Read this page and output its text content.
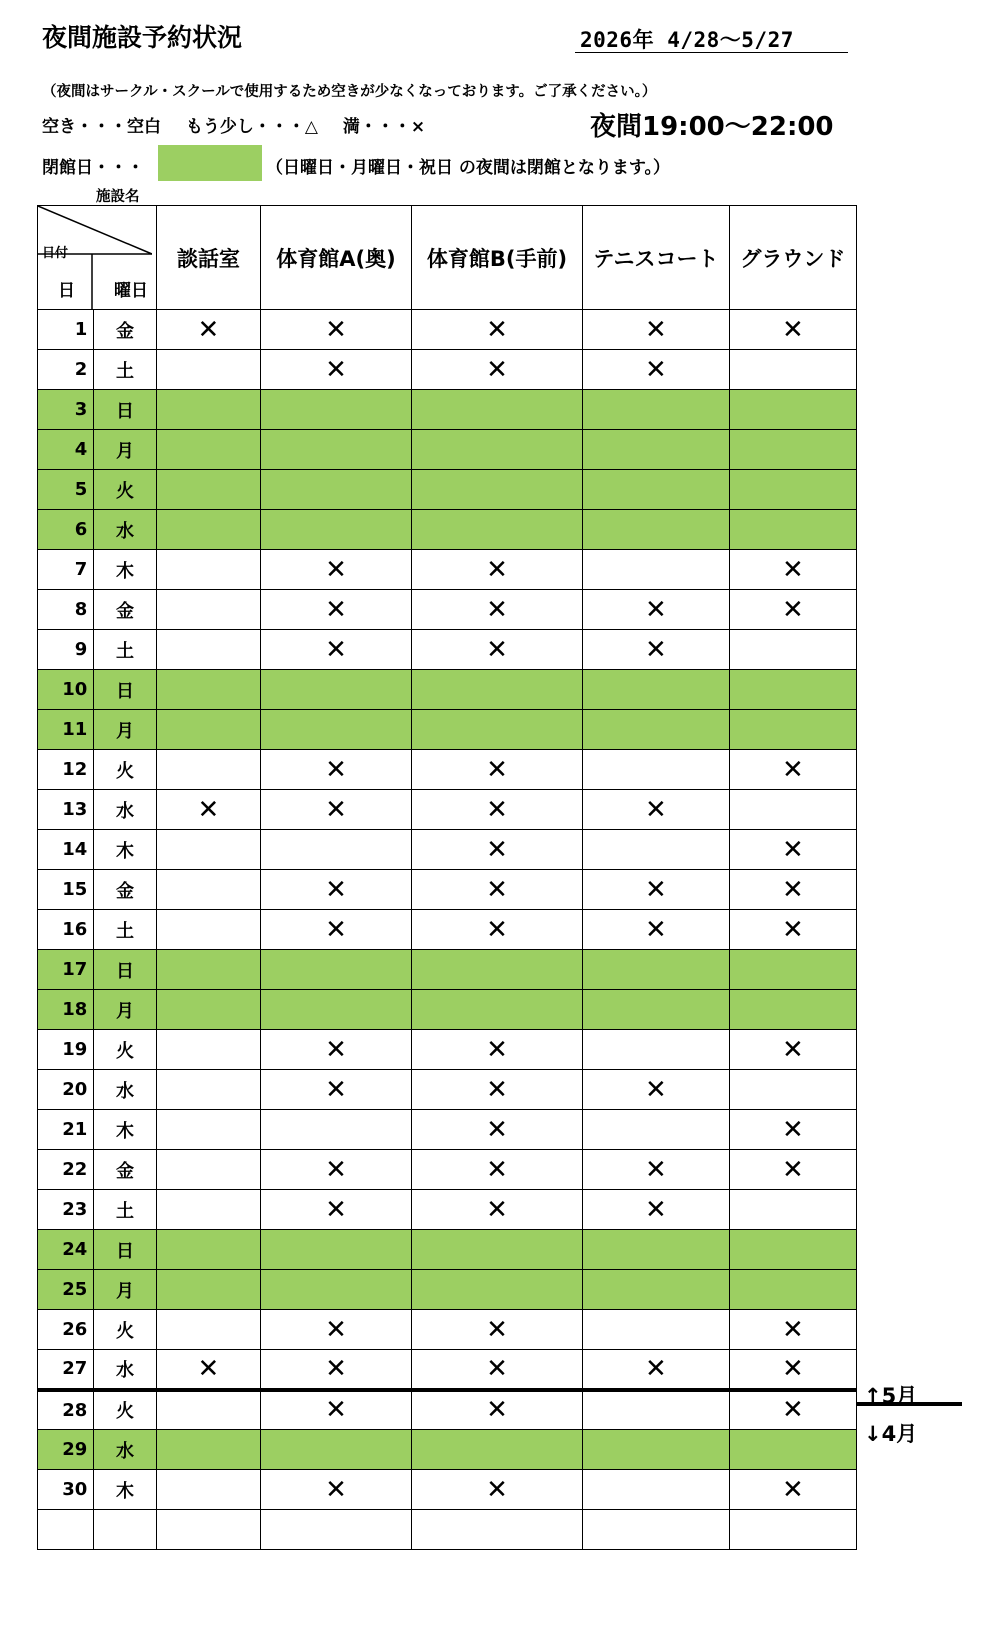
夜間施設予約状況	2026年 4/28～5/27
（夜間はサークル・スクールで使用するため空きが少なくなっております。ご了承ください。）
空き・・・空白　 もう少し・・・△　 満・・・×	夜間19:00～22:00
閉館日・・・	（日曜日・月曜日・祝日 の夜間は閉館となります。）
施設名
日付
日 曜日		談話室	体育館A(奥)	体育館B(手前)	テニスコート	グラウンド
1	金	✕	✕	✕	✕	✕
2	土		✕	✕	✕	
3	日					
4	月					
5	火					
6	水					
7	木		✕	✕		✕
8	金		✕	✕	✕	✕
9	土		✕	✕	✕	
10	日					
11	月					
12	火		✕	✕		✕
13	水	✕	✕	✕	✕	
14	木			✕		✕
15	金		✕	✕	✕	✕
16	土		✕	✕	✕	✕
17	日					
18	月					
19	火		✕	✕		✕
20	水		✕	✕	✕	
21	木			✕		✕
22	金		✕	✕	✕	✕
23	土		✕	✕	✕	
24	日					
25	月					
26	火		✕	✕		✕
27	水	✕	✕	✕	✕	✕
28	火		✕	✕		✕
29	水					
30	木		✕	✕		✕

↑5月
↓4月
